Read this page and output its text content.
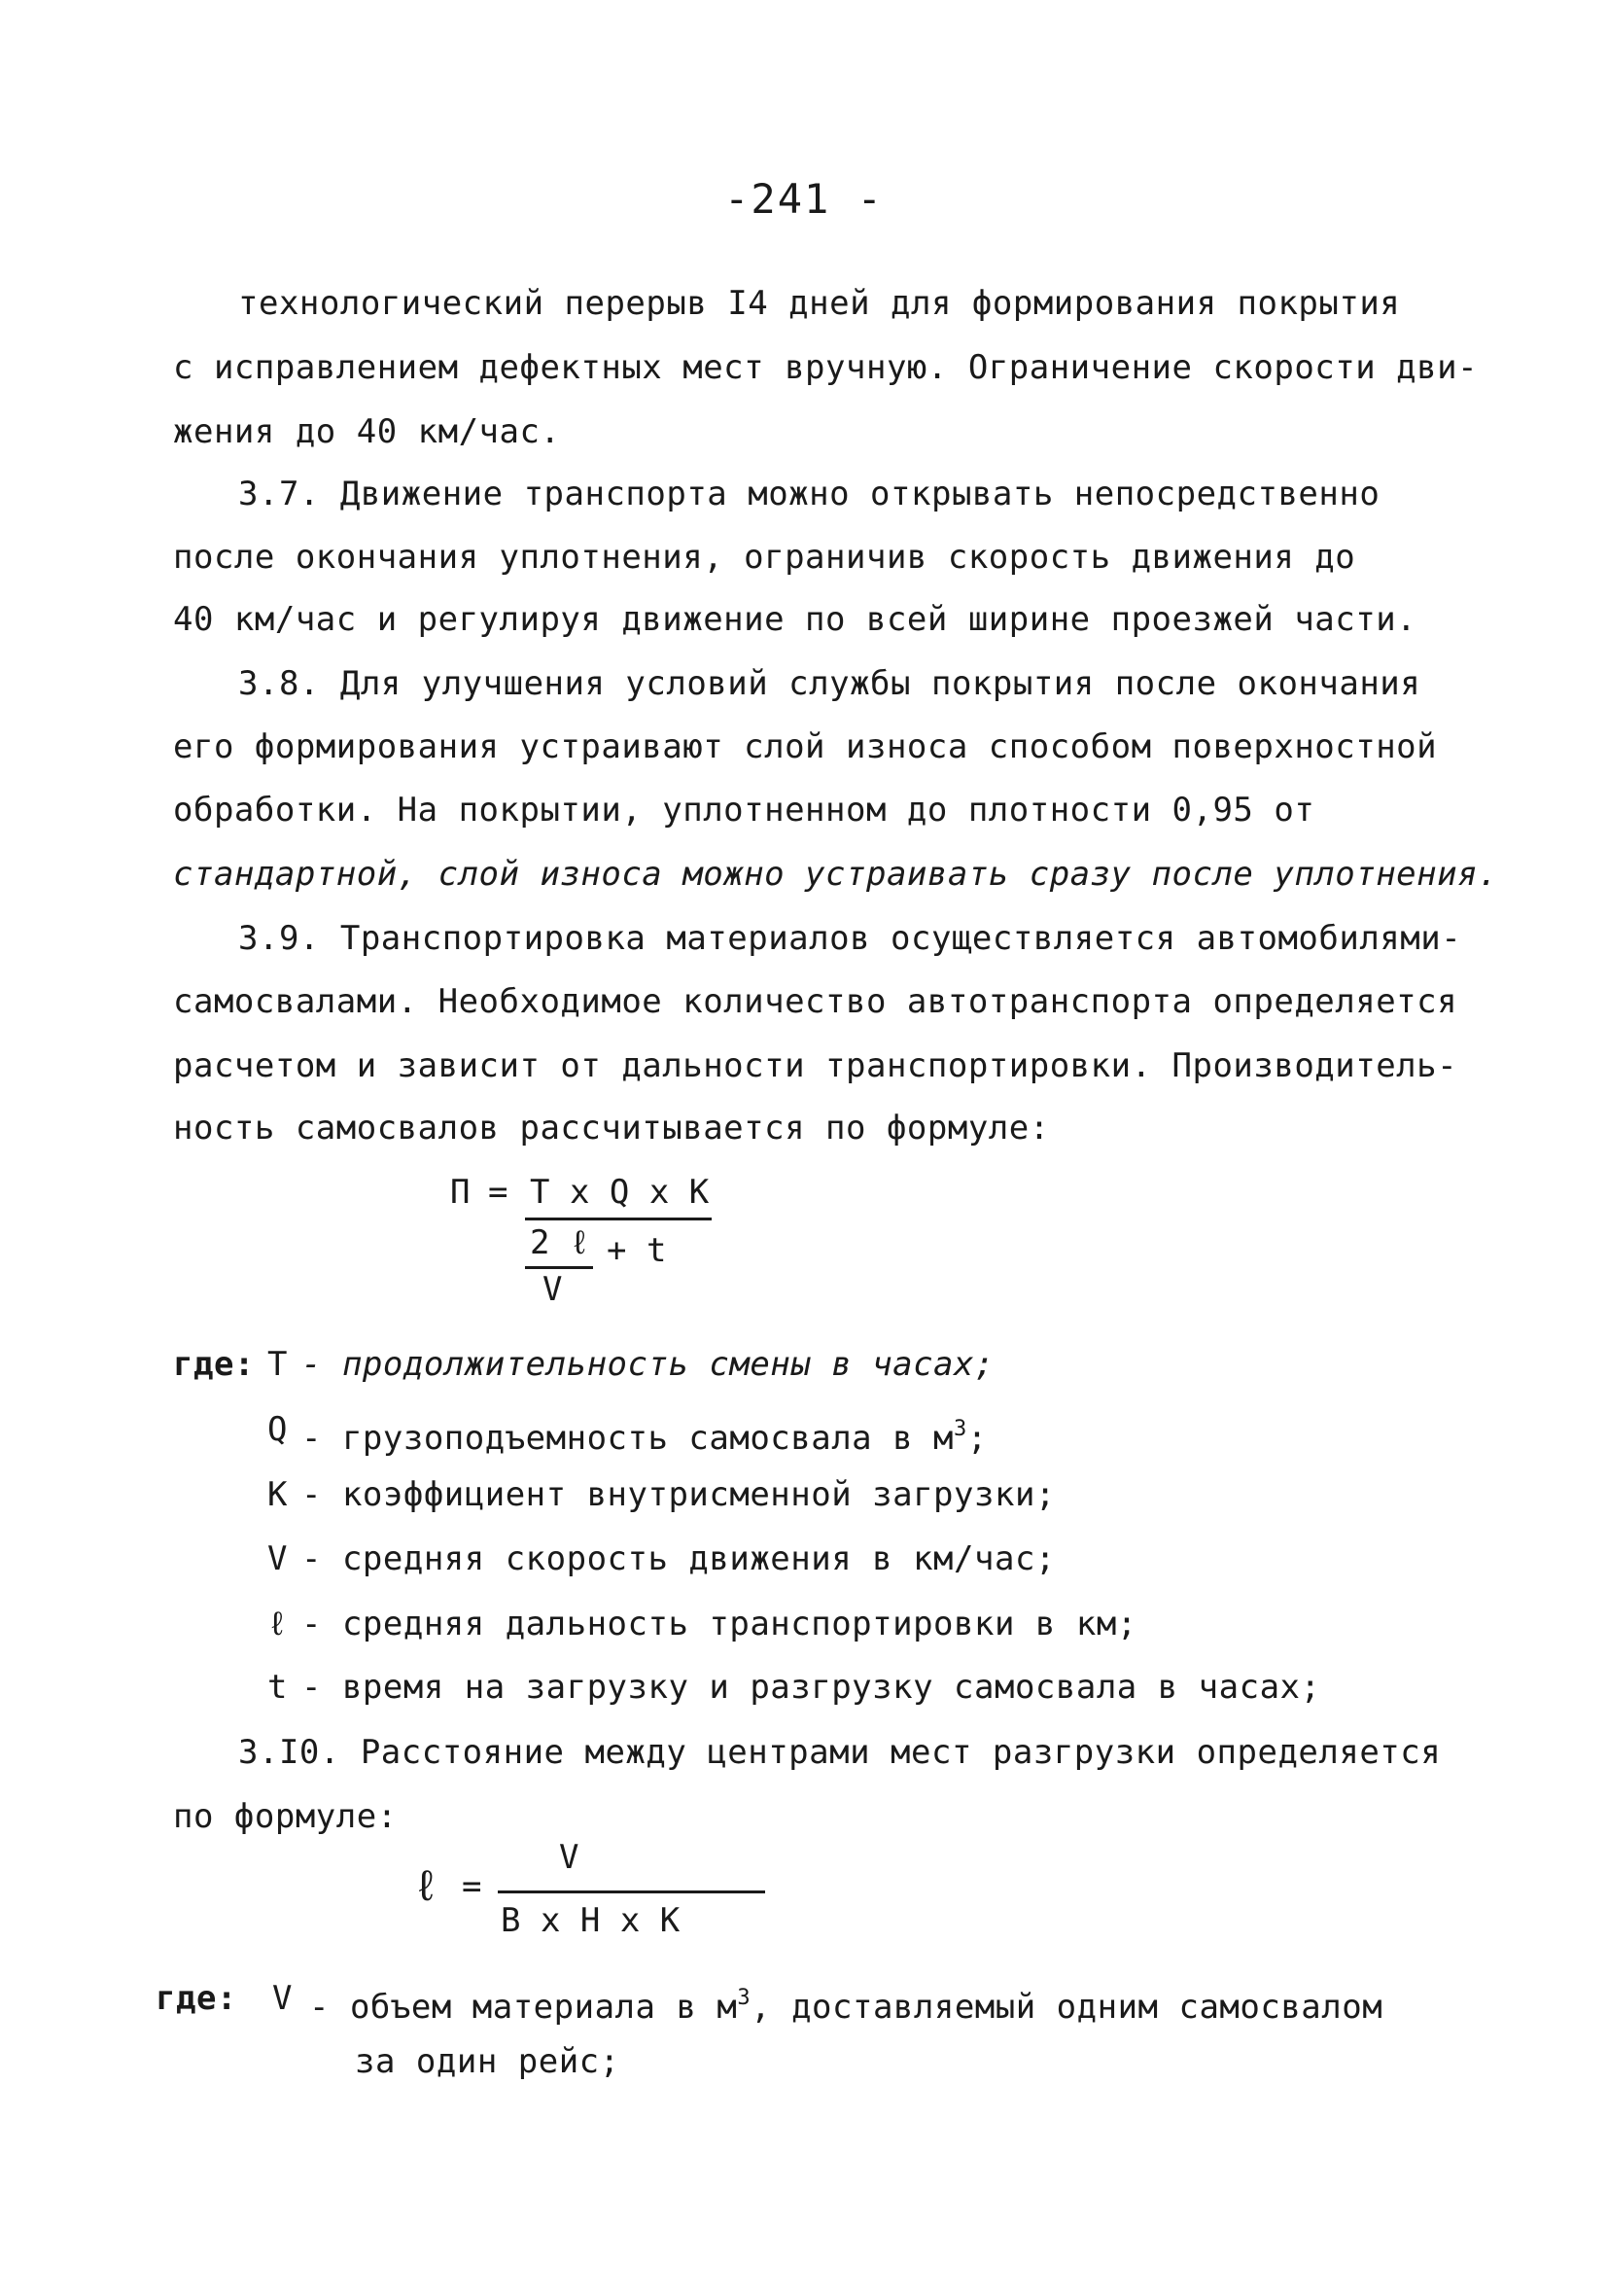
-241 -
технологический перерыв I4 дней для формирования покрытия
с исправлением дефектных мест вручную. Ограничение скорости дви-
жения до 40 км/час.
3.7. Движение транспорта можно открывать непосредственно
после окончания уплотнения, ограничив скорость движения до
40 км/час и регулируя движение по всей ширине проезжей части.
3.8. Для улучшения условий службы покрытия после окончания
его формирования устраивают слой износа способом поверхностной
обработки. На покрытии, уплотненном до плотности 0,95 от
стандартной, слой износа можно устраивать сразу после уплотнения.
3.9. Транспортировка материалов осуществляется автомобилями-
самосвалами. Необходимое количество автотранспорта определяется
расчетом и зависит от дальности транспортировки. Производитель-
ность самосвалов рассчитывается по формуле:
П = T x Q x K
2 ℓ + t
V
где: T - продолжительность смены в часах;
Q - грузоподъемность самосвала в $м^3$;
К - коэффициент внутрисменной загрузки;
V - средняя скорость движения в км/час;
ℓ - средняя дальность транспортировки в км;
t - время на загрузку и разгрузку самосвала в часах;
3.I0. Расстояние между центрами мест разгрузки определяется
по формуле:
ℓ =
V
B x H x K
где: V - объем материала в $м^3$, доставляемый одним самосвалом
за один рейс;
